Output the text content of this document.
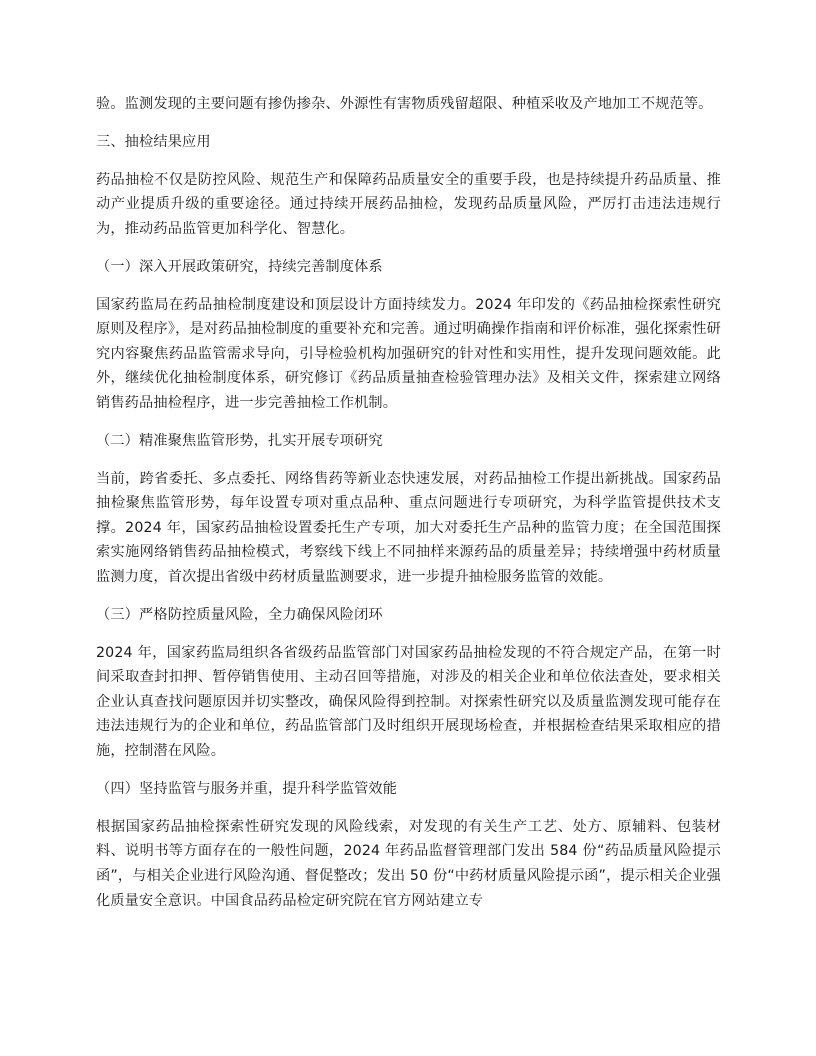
验。监测发现的主要问题有掺伪掺杂、外源性有害物质残留超限、种植采收及产地加工不规范等。

三、抽检结果应用

药品抽检不仅是防控风险、规范生产和保障药品质量安全的重要手段，也是持续提升药品质量、推动产业提质升级的重要途径。通过持续开展药品抽检，发现药品质量风险，严厉打击违法违规行为，推动药品监管更加科学化、智慧化。

（一）深入开展政策研究，持续完善制度体系

国家药监局在药品抽检制度建设和顶层设计方面持续发力。2024 年印发的《药品抽检探索性研究原则及程序》，是对药品抽检制度的重要补充和完善。通过明确操作指南和评价标准，强化探索性研究内容聚焦药品监管需求导向，引导检验机构加强研究的针对性和实用性，提升发现问题效能。此外，继续优化抽检制度体系，研究修订《药品质量抽查检验管理办法》及相关文件，探索建立网络销售药品抽检程序，进一步完善抽检工作机制。

（二）精准聚焦监管形势，扎实开展专项研究

当前，跨省委托、多点委托、网络售药等新业态快速发展，对药品抽检工作提出新挑战。国家药品抽检聚焦监管形势，每年设置专项对重点品种、重点问题进行专项研究，为科学监管提供技术支撑。2024 年，国家药品抽检设置委托生产专项，加大对委托生产品种的监管力度；在全国范围探索实施网络销售药品抽检模式，考察线下线上不同抽样来源药品的质量差异；持续增强中药材质量监测力度，首次提出省级中药材质量监测要求，进一步提升抽检服务监管的效能。

（三）严格防控质量风险，全力确保风险闭环

2024 年，国家药监局组织各省级药品监管部门对国家药品抽检发现的不符合规定产品，在第一时间采取查封扣押、暂停销售使用、主动召回等措施，对涉及的相关企业和单位依法查处，要求相关企业认真查找问题原因并切实整改，确保风险得到控制。对探索性研究以及质量监测发现可能存在违法违规行为的企业和单位，药品监管部门及时组织开展现场检查，并根据检查结果采取相应的措施，控制潜在风险。

（四）坚持监管与服务并重，提升科学监管效能

根据国家药品抽检探索性研究发现的风险线索，对发现的有关生产工艺、处方、原辅料、包装材料、说明书等方面存在的一般性问题，2024 年药品监督管理部门发出 584 份“药品质量风险提示函”，与相关企业进行风险沟通、督促整改；发出 50 份“中药材质量风险提示函”，提示相关企业强化质量安全意识。中国食品药品检定研究院在官方网站建立专
